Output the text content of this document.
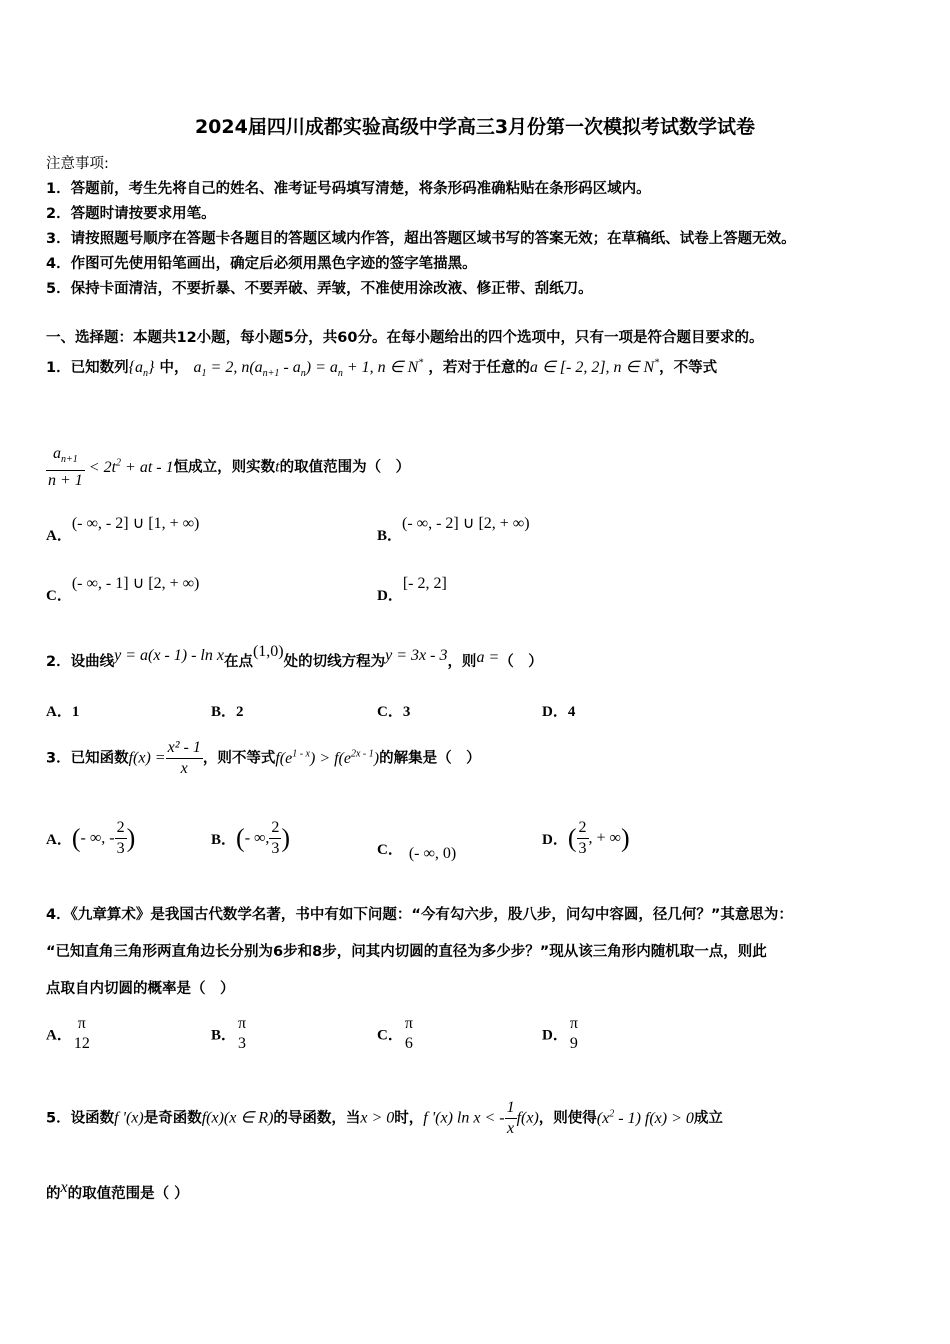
2024届四川成都实验高级中学高三3月份第一次模拟考试数学试卷
注意事项:
1．答题前，考生先将自己的姓名、准考证号码填写清楚，将条形码准确粘贴在条形码区域内。
2．答题时请按要求用笔。
3．请按照题号顺序在答题卡各题目的答题区域内作答，超出答题区域书写的答案无效；在草稿纸、试卷上答题无效。
4．作图可先使用铅笔画出，确定后必须用黑色字迹的签字笔描黑。
5．保持卡面清洁，不要折暴、不要弄破、弄皱，不准使用涂改液、修正带、刮纸刀。
一、选择题：本题共12小题，每小题5分，共60分。在每小题给出的四个选项中，只有一项是符合题目要求的。
1．已知数列$\{a_n\}$ 中， $a_1 = 2$, $n(a_{n+1} - a_n) = a_n + 1$, n ∈ N* ，若对于任意的a ∈ [- 2, 2], n ∈ N*，不等式
$\frac{a_{n+1}}{n + 1} < 2t^2$ + at - 1恒成立，则实数t的取值范围为（　）
A．(- ∞, - 2] ∪ [1, + ∞)
B．(- ∞, - 2] ∪ [2, + ∞)
C．(- ∞, - 1] ∪ [2, + ∞)
D．[- 2, 2]
2．设曲线y = a(x - 1) - ln x在点(1,0)处的切线方程为y = 3x - 3，则a =（　）
A．1	B．2	C．3	D．4
3．已知函数$f(x) = \frac{\text{x² - 1}}{x}$ ，则不等式$f(e^{1 - x}) > f(e^{2x - 1})$的解集是（　）
A．(- ∞, - $\frac{2}{3}$ )	B．(- ∞, $\frac{2}{3}$ )	C． (- ∞, 0)
D．( $\frac{2}{3}$ , + ∞)
4．《九章算术》是我国古代数学名著，书中有如下问题：“今有勾六步，股八步，问勾中容圆，径几何？”其意思为：
“已知直角三角形两直角边长分别为6步和8步，问其内切圆的直径为多少步？”现从该三角形内随机取一点，则此
点取自内切圆的概率是（　）
A．
π
12	B．
π
3	C．
π
6	D．
π
9
5．设函数f '(x)是奇函数f(x)(x ∈ R)的导函数，当x > 0时，f '(x) ln x < - $\frac{1}{x} f(x)$，则使得$(x^2 - 1) f(x) > 0$成立
的x的取值范围是（ ）
